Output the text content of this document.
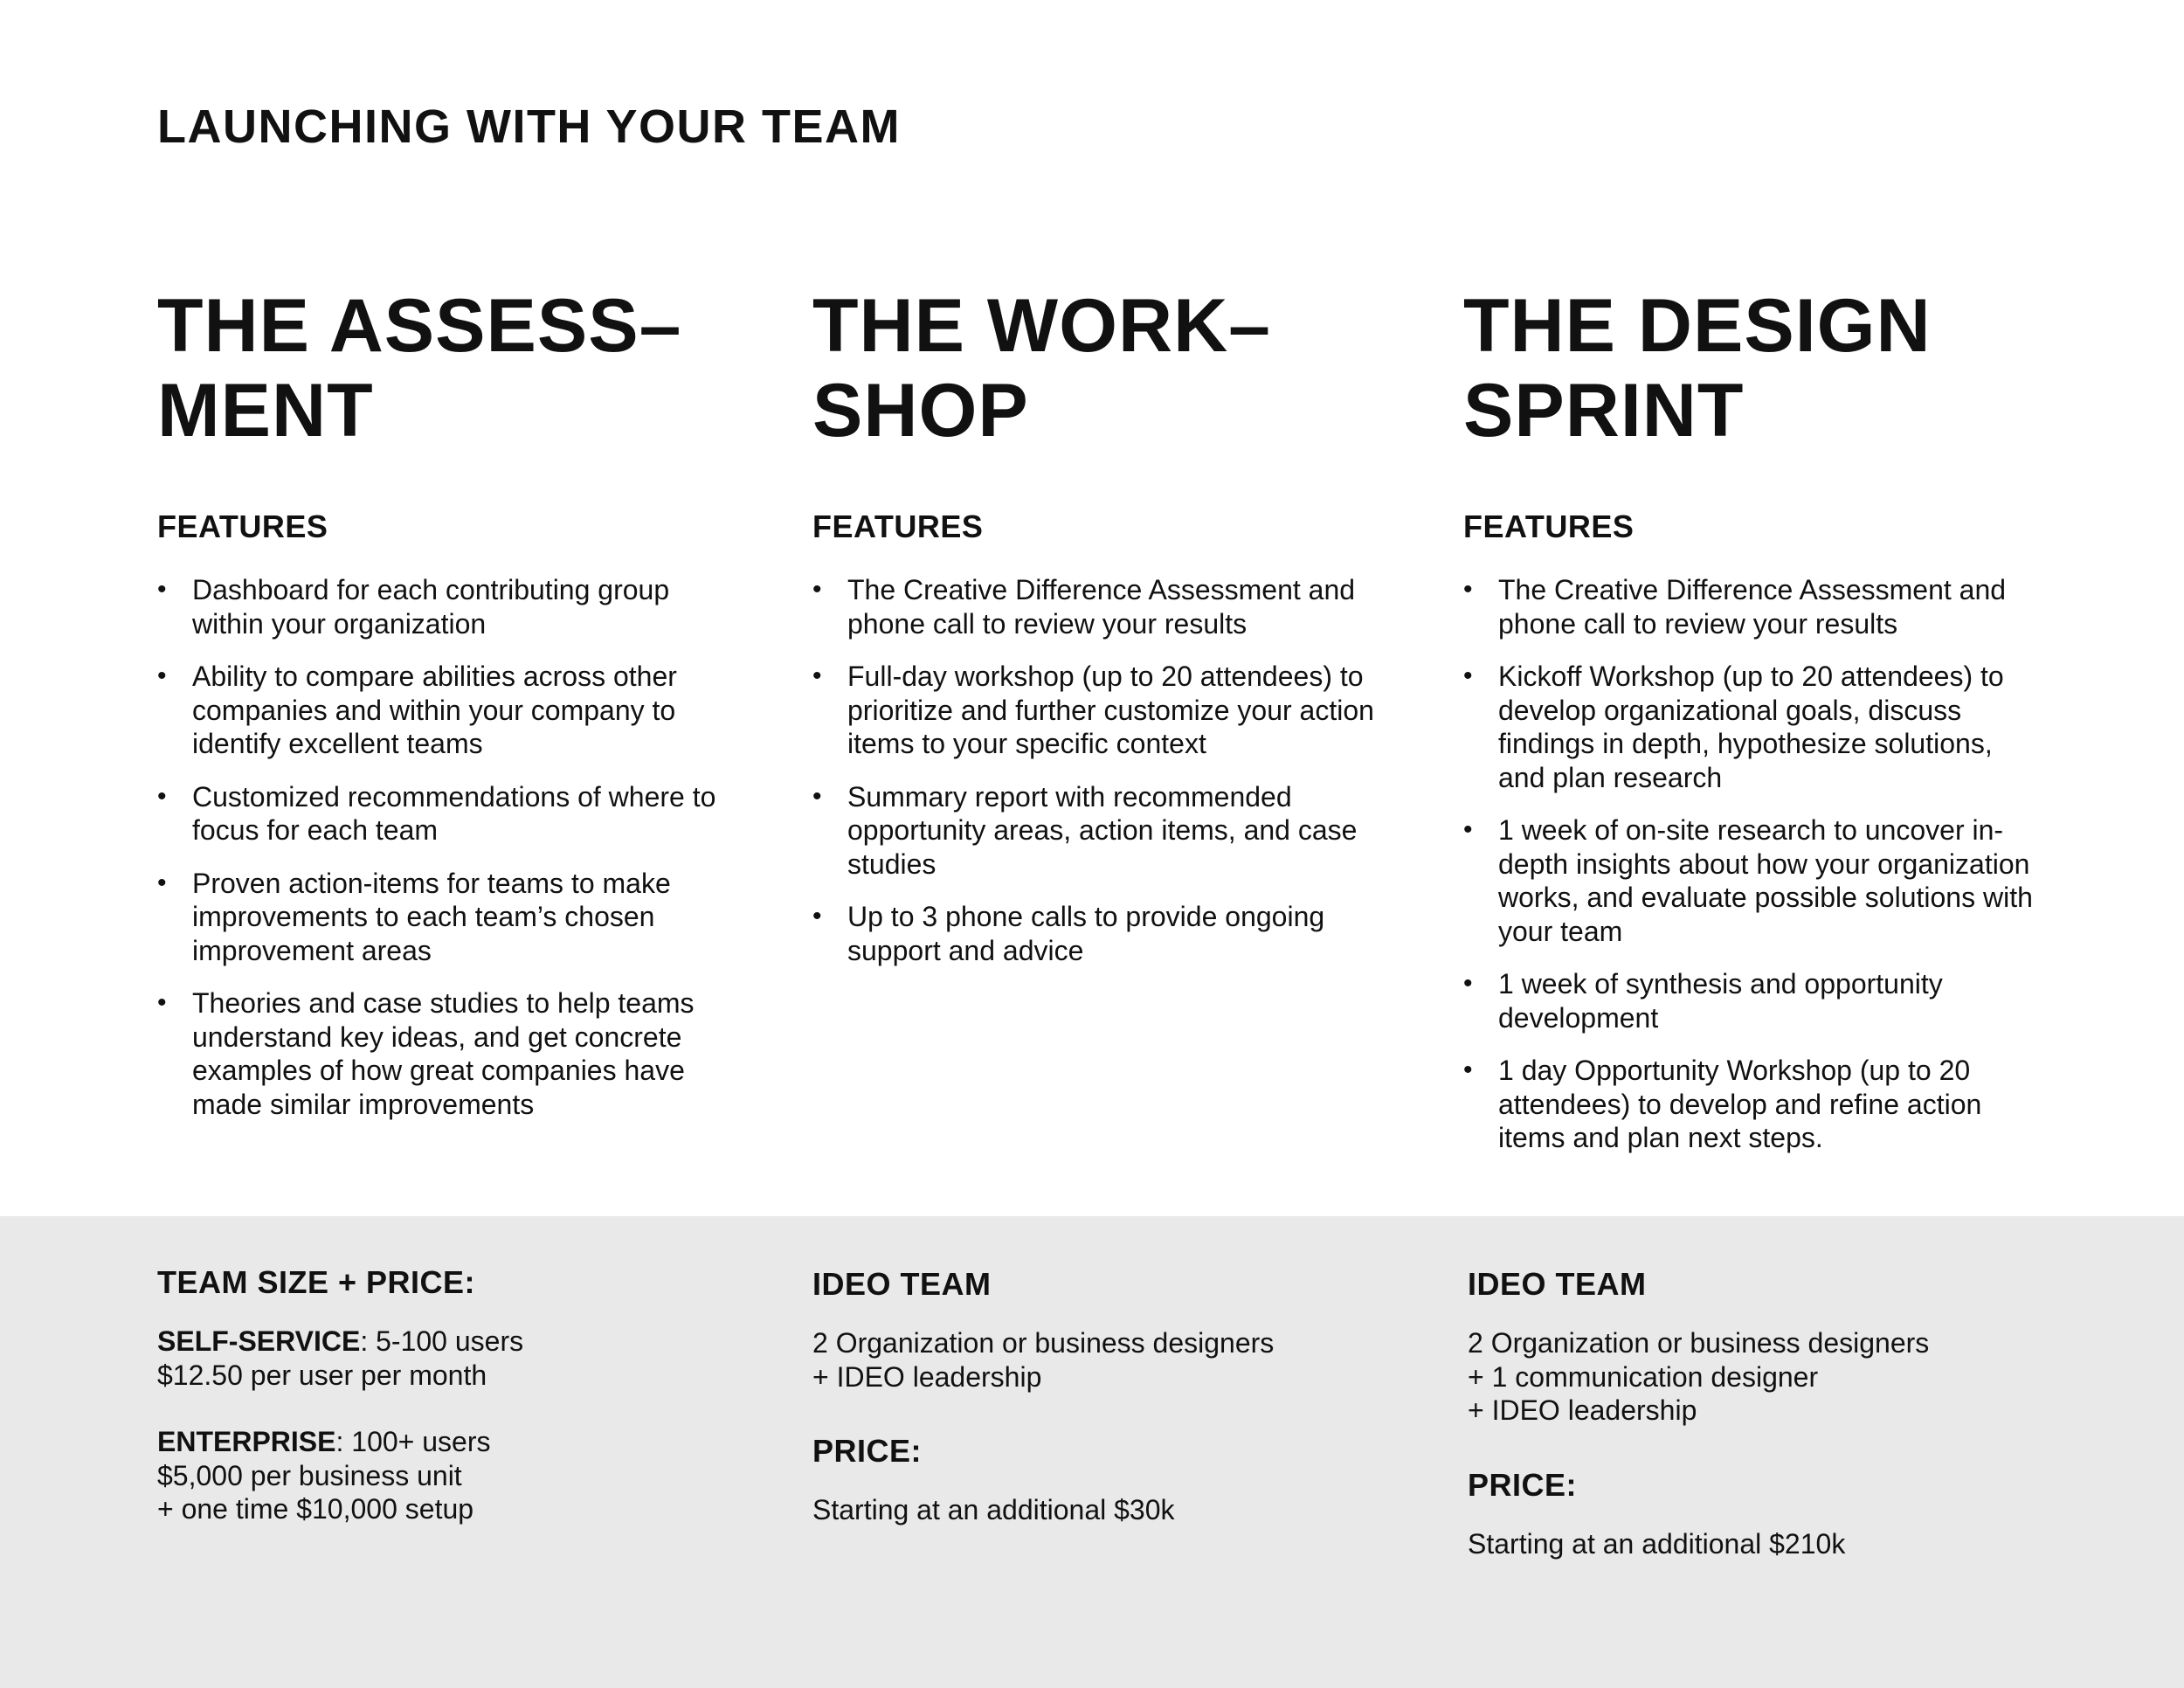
LAUNCHING WITH YOUR TEAM
THE ASSESS–
MENT
FEATURES
• Dashboard for each contributing group within your organization
• Ability to compare abilities across other companies and within your company to identify excellent teams
• Customized recommendations of where to focus for each team
• Proven action-items for teams to make improvements to each team’s chosen improvement areas
• Theories and case studies to help teams understand key ideas, and get concrete examples of how great companies have made similar improvements
THE WORK–
SHOP
FEATURES
• The Creative Difference Assessment and phone call to review your results
• Full-day workshop (up to 20 attendees) to prioritize and further customize your action items to your specific context
• Summary report with recommended opportunity areas, action items, and case studies
• Up to 3 phone calls to provide ongoing support and advice
THE DESIGN
SPRINT
FEATURES
• The Creative Difference Assessment and phone call to review your results
• Kickoff Workshop (up to 20 attendees) to develop organizational goals, discuss findings in depth, hypothesize solutions, and plan research
• 1 week of on-site research to uncover in-depth insights about how your organization works, and evaluate possible solutions with your team
• 1 week of synthesis and opportunity development
• 1 day Opportunity Workshop (up to 20 attendees) to develop and refine action items and plan next steps.
TEAM SIZE + PRICE:
SELF-SERVICE: 5-100 users
$12.50 per user per month
ENTERPRISE: 100+ users
$5,000 per business unit
+ one time $10,000 setup
IDEO TEAM
2 Organization or business designers
+ IDEO leadership
PRICE:
Starting at an additional $30k
IDEO TEAM
2 Organization or business designers
+ 1 communication designer
+ IDEO leadership
PRICE:
Starting at an additional $210k
